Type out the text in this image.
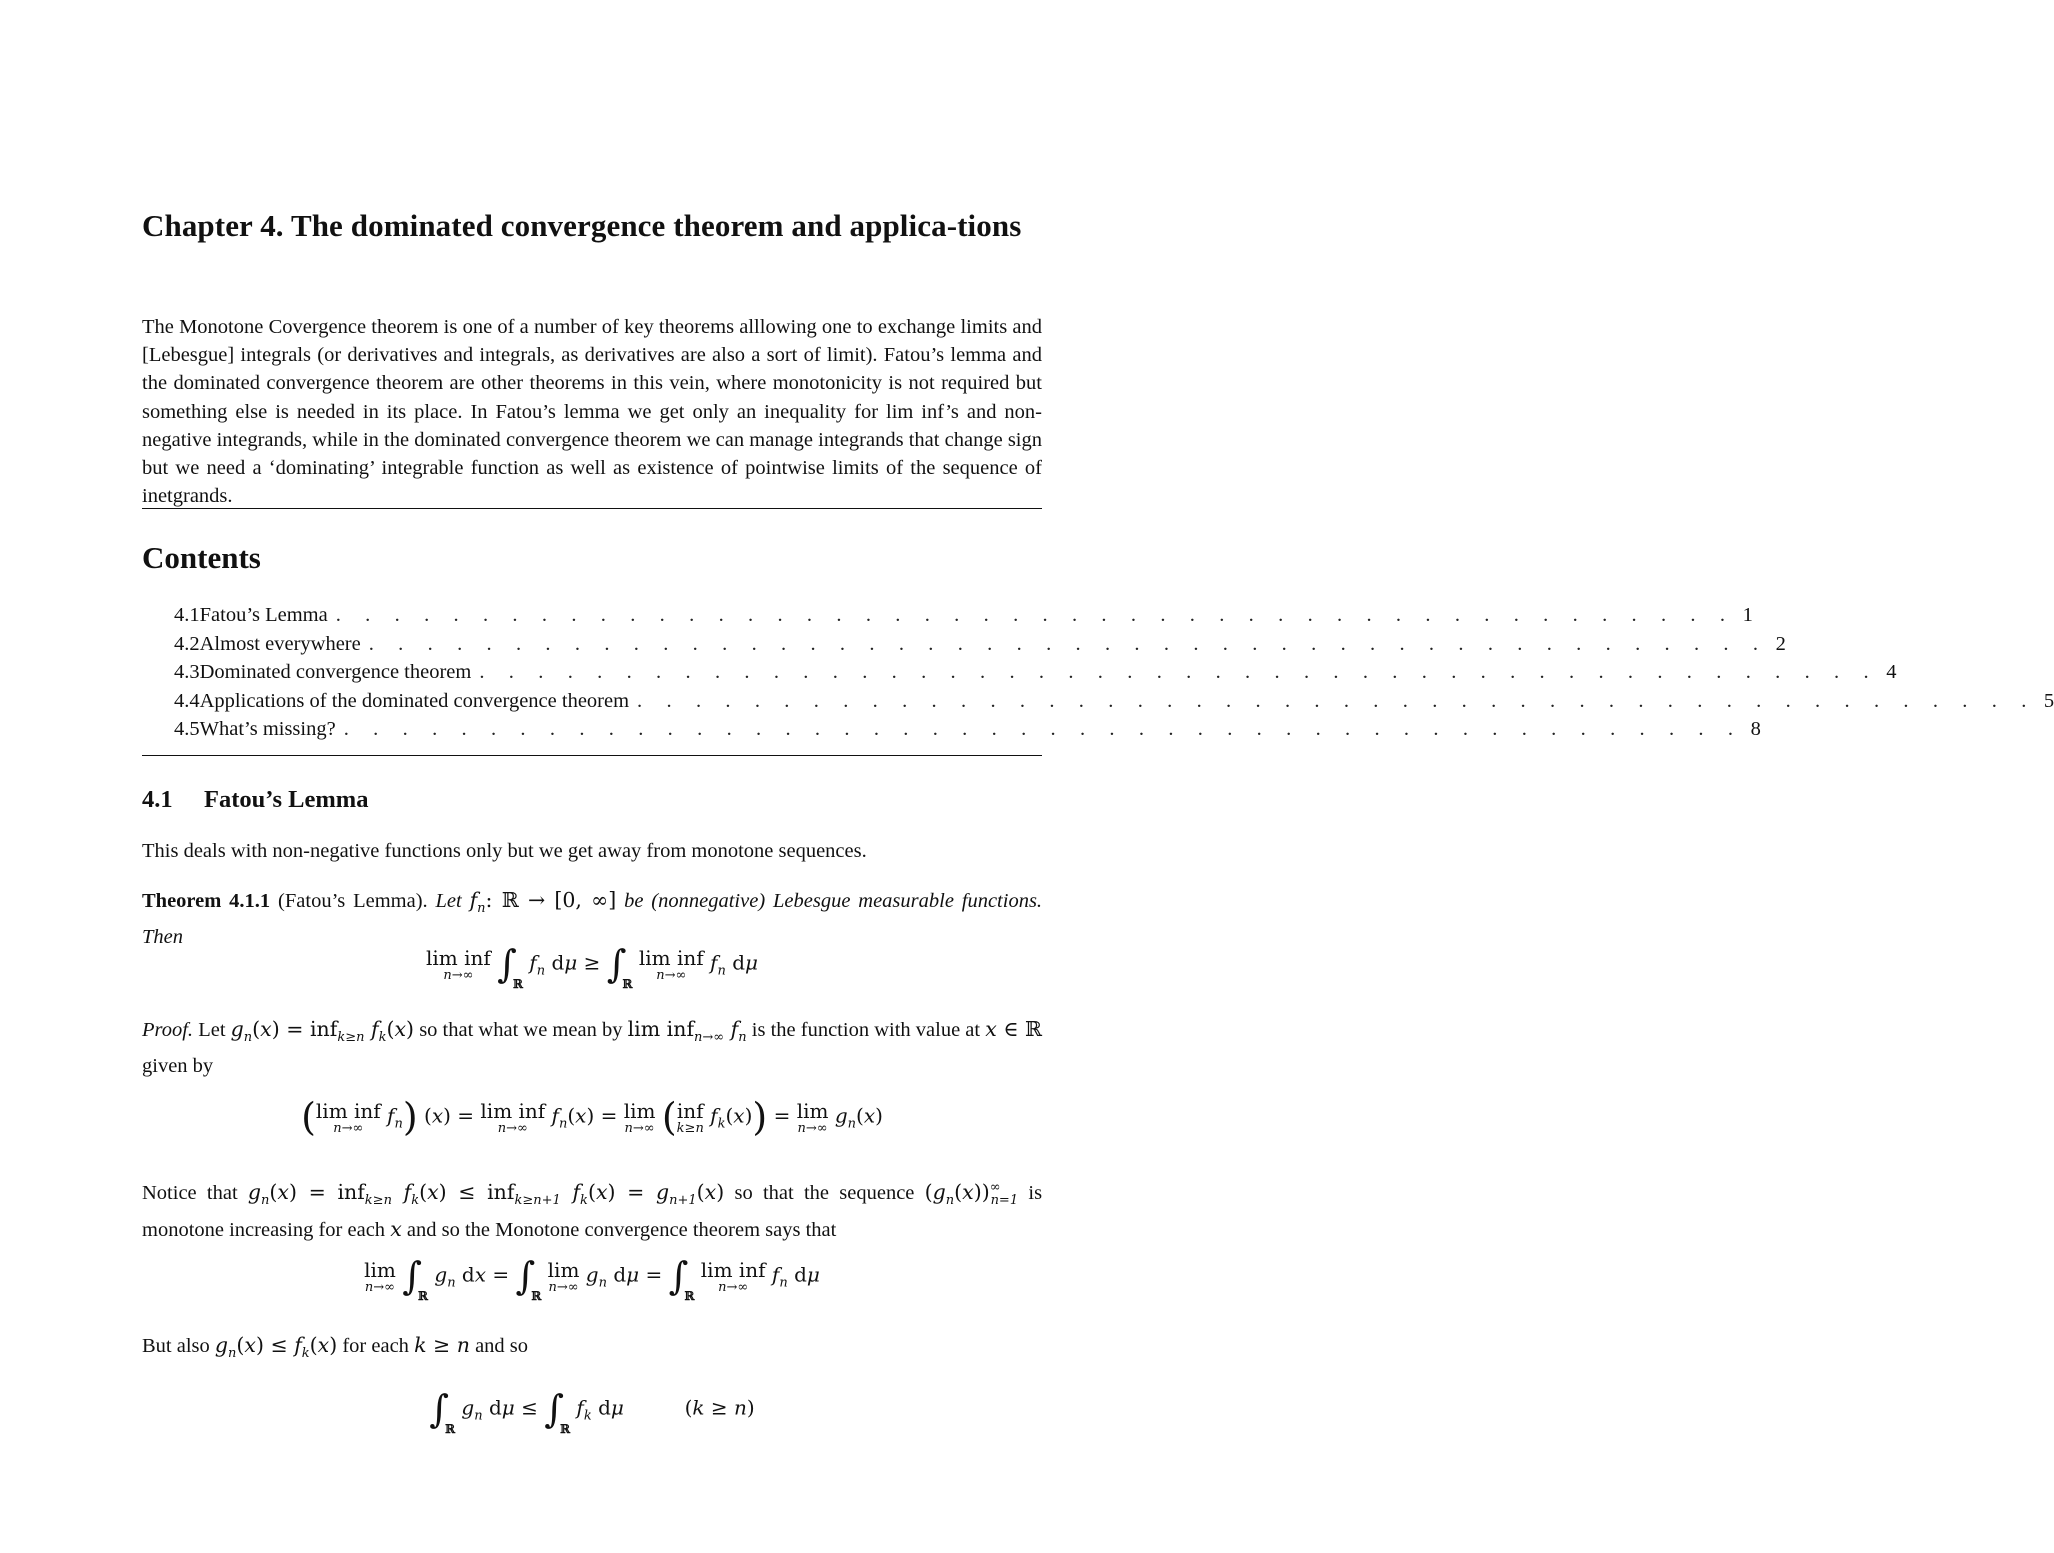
Chapter 4. The dominated convergence theorem and applica-tions

The Monotone Covergence theorem is one of a number of key theorems alllowing one to exchange limits and [Lebesgue] integrals (or derivatives and integrals, as derivatives are also a sort of limit). Fatou’s lemma and the dominated convergence theorem are other theorems in this vein, where monotonicity is not required but something else is needed in its place. In Fatou’s lemma we get only an inequality for lim inf’s and non-negative integrands, while in the dominated convergence theorem we can manage integrands that change sign but we need a ‘dominating’ integrable function as well as existence of pointwise limits of the sequence of inetgrands.

Contents
4.1 Fatou’s Lemma . . . . . . . . . . . . . . . . . . . . . . . . . . . . . . . . . . . . . . . . . . . . . . . . 1
4.2 Almost everywhere . . . . . . . . . . . . . . . . . . . . . . . . . . . . . . . . . . . . . . . . . . . . . . . . 2
4.3 Dominated convergence theorem . . . . . . . . . . . . . . . . . . . . . . . . . . . . . . . . . . . . . . . . . . . . . . . . 4
4.4 Applications of the dominated convergence theorem . . . . . . . . . . . . . . . . . . . . . . . . . . . . . . . . . . . . . . . . . . . . . . . . 5
4.5 What’s missing? . . . . . . . . . . . . . . . . . . . . . . . . . . . . . . . . . . . . . . . . . . . . . . . . 8
4.1 Fatou’s Lemma

This deals with non-negative functions only but we get away from monotone sequences.

Theorem 4.1.1 (Fatou’s Lemma). Let $f_n$: ℝ → [0, ∞] be (nonnegative) Lebesgue measurable functions. Then

lim inf
n→∞ $\int_ℝ$ $f_n$ $d\mu \ge \int_ℝ$ lim inf
n→∞
$f_n$ dμ

Proof. Let $g_n(x) = inf_{k\ge n}$ $f_k(x)$ so that what we mean by lim inf$_{n\to\infty}$ $f_n$ is the function with value at x ∈ ℝ given by

(lim inf
n→∞
$f_n$) (x) = lim inf
n→∞
$f_n(x) = \lim$
n→∞ (inf
k≥n
$f_k(x)) = \lim$
n→∞
$g_n(x)$

Notice that $g_n(x) = inf_{k\ge n}$ $f_k(x) \le inf_{k\ge n+1}$ $f_k(x) = g_{n+1}(x)$ so that the sequence $(g_n(x))^\infty_{n=1}$ is monotone increasing for each x and so the Monotone convergence theorem says that

lim
n→∞ $\int_ℝ$ $g_n$ dx = $\int_ℝ$ lim
n→∞
$g_n$ $d\mu = \int_ℝ$ lim inf
n→∞
$f_n$ dμ

But also $g_n(x) \le f_k(x)$ for each k ≥ n and so

$\int_ℝ$ $g_n$ $d\mu \le \int_ℝ$ $f_k$ dμ	(k ≥ n)
